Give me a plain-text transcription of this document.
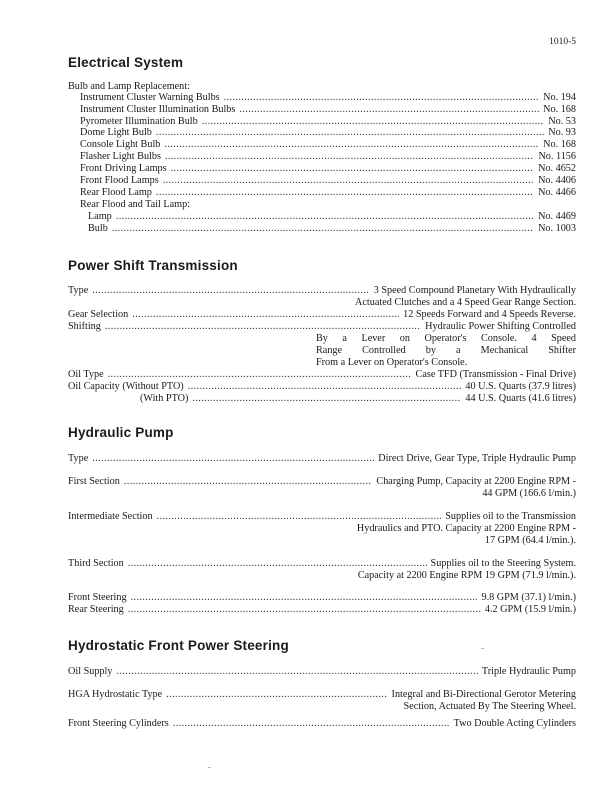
1010-5
Electrical System
Bulb and Lamp Replacement:
Power Shift Transmission
Hydraulic Pump
Hydrostatic Front Power Steering
Instrument Cluster Warning Bulbs .....	No. 194
Instrument Cluster Illumination Bulbs .....	No. 168
Pyrometer Illumination Bulb .....	No. 53
Dome Light Bulb .....	No. 93
Console Light Bulb .....	No. 168
Flasher Light Bulbs .....	No. 1156
Front Driving Lamps .....	No. 4652
Front Flood Lamps .....	No. 4406
Rear Flood Lamp .....	No. 4466
Rear Flood and Tail Lamp:
Lamp .....	No. 4469
Bulb .....	No. 1003
Type .....	3 Speed Compound Planetary With Hydraulically
Actuated Clutches and a 4 Speed Gear Range Section.
Gear Selection .....	12 Speeds Forward and 4 Speeds Reverse.
Shifting .....	Hydraulic Power Shifting Controlled
By a Lever on Operator's Console. 4 Speed
Range Controlled by a Mechanical Shifter
From a Lever on Operator's Console.
Oil Type .....	Case TFD (Transmission - Final Drive)
Oil Capacity (Without PTO) .....	40 U.S. Quarts (37.9 litres)
(With PTO) .....	44 U.S. Quarts (41.6 litres)
Type .....	Direct Drive, Gear Type, Triple Hydraulic Pump
First Section .....	Charging Pump, Capacity at 2200 Engine RPM -
44 GPM (166.6 l/min.)
Intermediate Section .....	Supplies oil to the Transmission
Hydraulics and PTO. Capacity at 2200 Engine RPM -
17 GPM (64.4 l/min.).
Third Section .....	Supplies oil to the Steering System.
Capacity at 2200 Engine RPM 19 GPM (71.9 l/min.).
Front Steering .....	9.8 GPM (37.1) l/min.)
Rear Steering .....	4.2 GPM (15.9 l/min.)
Oil Supply .....	Triple Hydraulic Pump
HGA Hydrostatic Type .....	Integral and Bi-Directional Gerotor Metering
Section, Actuated By The Steering Wheel.
Front Steering Cylinders .....	Two Double Acting Cylinders
